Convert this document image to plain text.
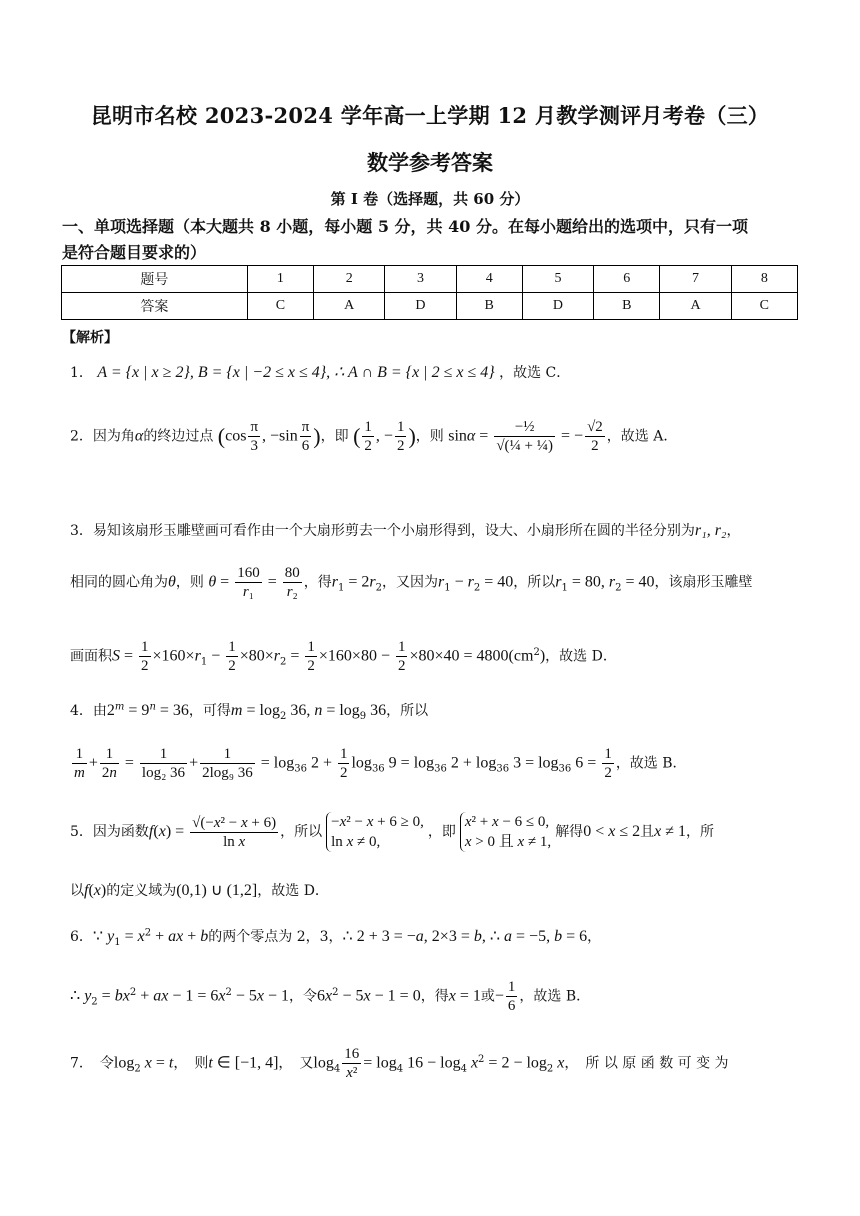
昆明市名校 2023-2024 学年高一上学期 12 月教学测评月考卷（三）
数学参考答案
第 I 卷（选择题，共 60 分）
一、单项选择题（本大题共 8 小题，每小题 5 分，共 40 分。在每小题给出的选项中，只有一项
是符合题目要求的）
题号	1	2	3	4	5	6	7	8
答案	C	A	D	B	D	B	A	C
【解析】
1． A = {x | x ≥ 2}, B = {x | −2 ≤ x ≤ 4}, ∴ A ∩ B = {x | 2 ≤ x ≤ 4} ，故选 C．
2．因为角α的终边过点 ($\cos \frac{\pi}{3}$ , $-\sin \frac{\pi}{6}$ )，即 ( $\frac{1}{2}$ , − $\frac{1}{2}$ )，则 $\sin\alpha = \frac{\text{−½}}{\text{√(¼ + ¼)}}$ = − $\frac{√2}{2}$ ，故选 A．
3．易知该扇形玉雕壁画可看作由一个大扇形剪去一个小扇形得到，设大、小扇形所在圆的半径分别为r₁, r₂，
相同的圆心角为θ，则 $\theta = \frac{160}{\text{r₁}} = \frac{80}{\text{r₂}}$ ，得$r_1 = 2r_2$，又因为$r_1 - r_2 = 40$，所以$r_1 = 80$, $r_2 = 40$，该扇形玉雕壁
画面积$S = \frac{1}{2} \times 160\times r_1 - \frac{1}{2} \times 80\times r_2 = \frac{1}{2} \times 160\times 80 - \frac{1}{2} \times 80\times 40 = 4800(cm^2)$，故选 D．
4．由$2^m = 9^n = 36$，可得$m = \log_2 36$, $n = \log_9 36$，所以
$\frac{1}{m} + \frac{1}{2n} = \frac{1}{\text{log₂ 36}} + \frac{1}{\text{2log₉ 36}} = \log_{36} 2 + \frac{1}{2} \log_{36} 9 = \log_{36} 2 + \log_{36} 3 = \log_{36} 6 = \frac{1}{2}$ ，故选 B．
5．因为函数$f(x) = \frac{\text{√(−x² − x + 6)}}{\text{ln x}}$ ，所以
−x² − x + 6 ≥ 0,
ln x ≠ 0,
，即
x² + x − 6 ≤ 0,
x > 0 且 x ≠ 1,
解得0 < x ≤ 2且x ≠ 1，所
以f(x)的定义域为(0,1) ∪ (1,2]，故选 D．
6．∵ $y_1 = x^2$ + ax + b的两个零点为 2，3，∴ 2 + 3 = −a, 2×3 = b, ∴ a = −5, b = 6，
∴ $y_2 = bx^2$ + ax − $1 = 6x^2 - 5x - 1$，令$6x^2 - 5x - 1 = 0$，得x = 1或− $\frac{1}{6}$ ，故选 B．
7．　令$\log_2 x = t$，　则t ∈ [−1, 4]，　又$\log_4 \frac{16}{\text{x²}} = \log_4 16 - \log_4 x^2 = 2 - \log_2 x$，　所 以 原 函 数 可 变 为
